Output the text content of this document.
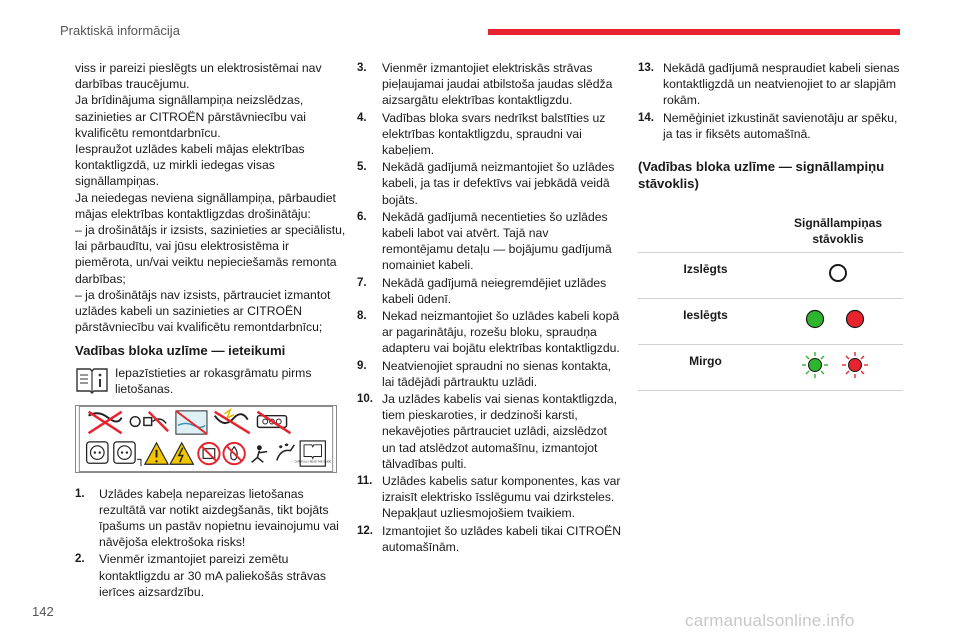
Praktiskā informācija
viss ir pareizi pieslēgts un elektrosistēmai nav darbības traucējumu.
Ja brīdinājuma signāllampiņa neizslēdzas, sazinieties ar CITROËN pārstāvniecību vai kvalificētu remontdarbnīcu.
Iespraužot uzlādes kabeli mājas elektrības kontaktligzdā, uz mirkli iedegas visas signāllampiņas.
Ja neiedegas neviena signāllampiņa, pārbaudiet mājas elektrības kontaktligzdas drošinātāju:
– ja drošinātājs ir izsists, sazinieties ar speciālistu, lai pārbaudītu, vai jūsu elektrosistēma ir piemērota, un/vai veiktu nepieciešamās remonta darbības;
– ja drošinātājs nav izsists, pārtrauciet izmantot uzlādes kabeli un sazinieties ar CITROËN pārstāvniecību vai kvalificētu remontdarbnīcu;
Vadības bloka uzlīme — ieteikumi
Iepazīstieties ar rokasgrāmatu pirms lietošanas.
CAREFULLY READ THE GUIDE
1.	Uzlādes kabeļa nepareizas lietošanas rezultātā var notikt aizdegšanās, tikt bojāts īpašums un pastāv nopietnu ievainojumu vai nāvējoša elektrošoka risks!
2.	Vienmēr izmantojiet pareizi zemētu kontaktligzdu ar 30 mA paliekošās strāvas ierīces aizsardzību.
3.	Vienmēr izmantojiet elektriskās strāvas pieļaujamai jaudai atbilstoša jaudas slēdža aizsargātu elektrības kontaktligzdu.
4.	Vadības bloka svars nedrīkst balstīties uz elektrības kontaktligzdu, spraudni vai kabeļiem.
5.	Nekādā gadījumā neizmantojiet šo uzlādes kabeli, ja tas ir defektīvs vai jebkādā veidā bojāts.
6.	Nekādā gadījumā necentieties šo uzlādes kabeli labot vai atvērt. Tajā nav remontējamu detaļu — bojājumu gadījumā nomainiet kabeli.
7.	Nekādā gadījumā neiegremdējiet uzlādes kabeli ūdenī.
8.	Nekad neizmantojiet šo uzlādes kabeli kopā ar pagarinātāju, rozešu bloku, spraudņa adapteru vai bojātu elektrības kontaktligzdu.
9.	Neatvienojiet spraudni no sienas kontakta, lai tādējādi pārtrauktu uzlādi.
10. Ja uzlādes kabelis vai sienas kontaktligzda, tiem pieskaroties, ir dedzinoši karsti, nekavējoties pārtrauciet uzlādi, aizslēdzot un tad atslēdzot automašīnu, izmantojot tālvadības pulti.
11. Uzlādes kabelis satur komponentes, kas var izraisīt elektrisko īsslēgumu vai dzirksteles. Nepakļaut uzliesmojošiem tvaikiem.
12. Izmantojiet šo uzlādes kabeli tikai CITROËN automašīnām.
13. Nekādā gadījumā nespraudiet kabeli sienas kontaktligzdā un neatvienojiet to ar slapjām rokām.
14. Nemēģiniet izkustināt savienotāju ar spēku, ja tas ir fiksēts automašīnā.
(Vadības bloka uzlīme — signāllampiņu stāvoklis)
	Signāllampiņas stāvoklis
Izslēgts	
Ieslēgts	
Mirgo	
142	carmanualsonline.info
